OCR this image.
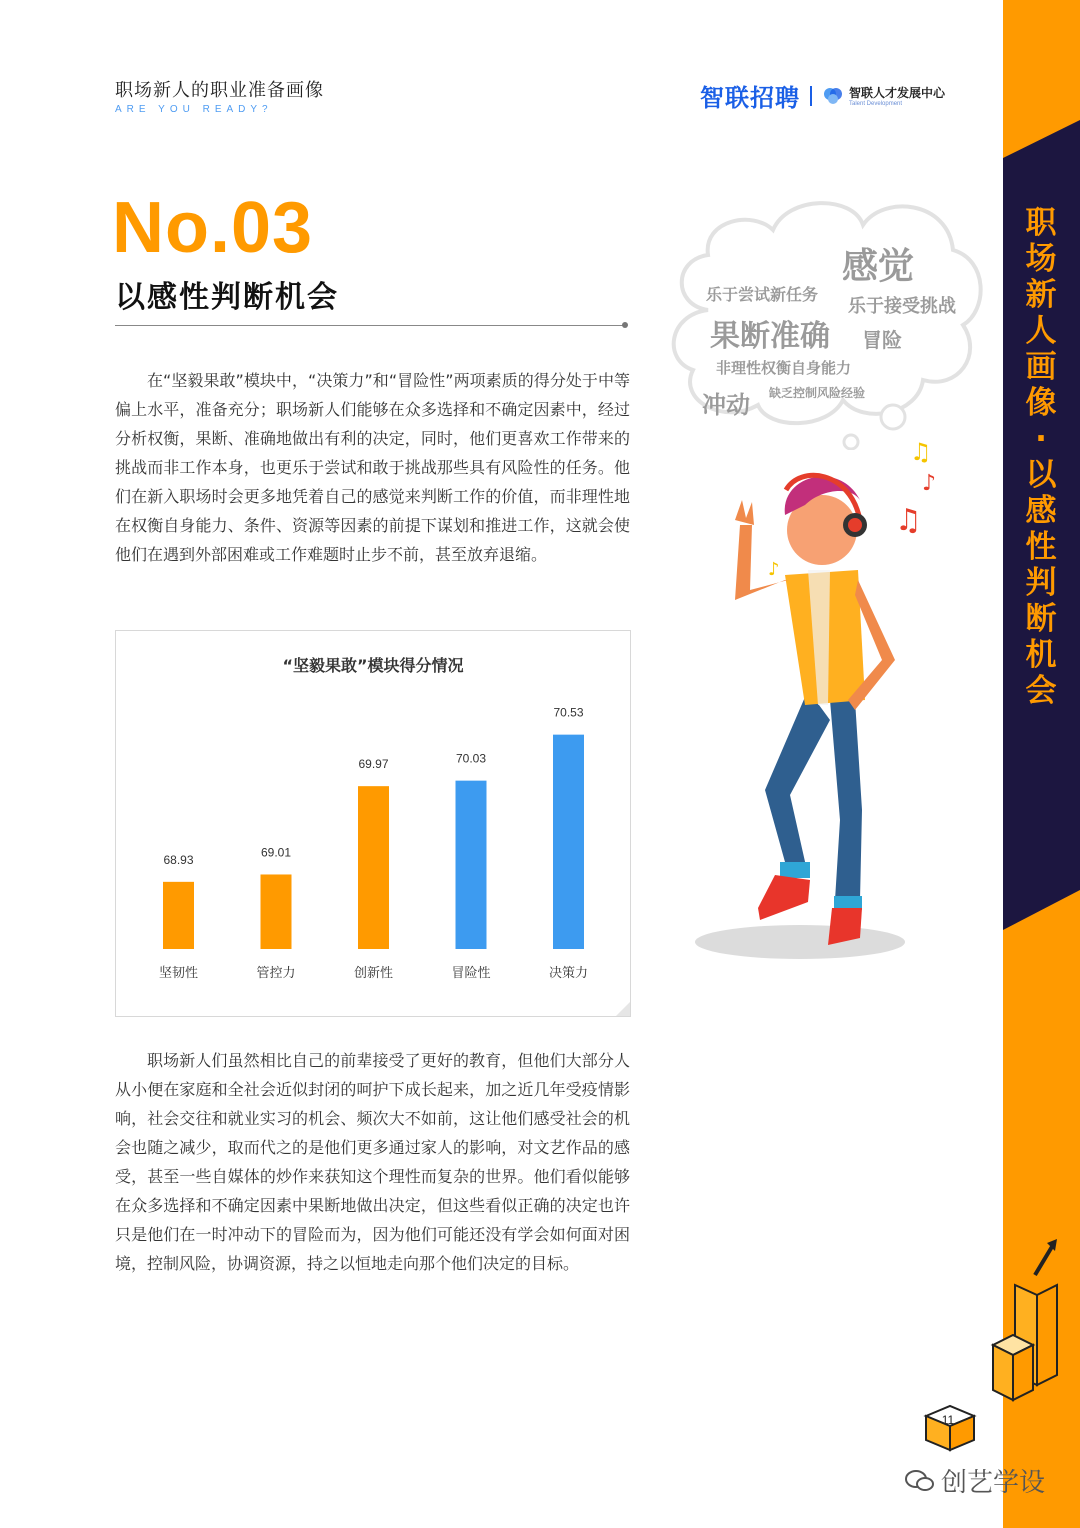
职场新人的职业准备画像
ARE YOU READY?	智联招聘	智联人才发展中心
Talent Development
No.03
以感性判断机会

在“坚毅果敢”模块中，“决策力”和“冒险性”两项素质的得分处于中等偏上水平，准备充分；职场新人们能够在众多选择和不确定因素中，经过分析权衡，果断、准确地做出有利的决定，同时，他们更喜欢工作带来的挑战而非工作本身，也更乐于尝试和敢于挑战那些具有风险性的任务。他们在新入职场时会更多地凭着自己的感觉来判断工作的价值，而非理性地在权衡自身能力、条件、资源等因素的前提下谋划和推进工作，这就会使他们在遇到外部困难或工作难题时止步不前，甚至放弃退缩。

“坚毅果敢”模块得分情况
68.93
坚韧性
69.01
管控力
69.97
创新性
70.03
冒险性
70.53
决策力

职场新人们虽然相比自己的前辈接受了更好的教育，但他们大部分人从小便在家庭和全社会近似封闭的呵护下成长起来，加之近几年受疫情影响，社会交往和就业实习的机会、频次大不如前，这让他们感受社会的机会也随之减少，取而代之的是他们更多通过家人的影响，对文艺作品的感受，甚至一些自媒体的炒作来获知这个理性而复杂的世界。他们看似能够在众多选择和不确定因素中果断地做出决定，但这些看似正确的决定也许只是他们在一时冲动下的冒险而为，因为他们可能还没有学会如何面对困境，控制风险，协调资源，持之以恒地走向那个他们决定的目标。

感觉
乐于尝试新任务
乐于接受挑战
果断准确 冒险
非理性权衡自身能力
冲动 缺乏控制风险经验
♫
♪
♫
♪
职场新人画像 · 以感性判断机会
11
创艺学设
